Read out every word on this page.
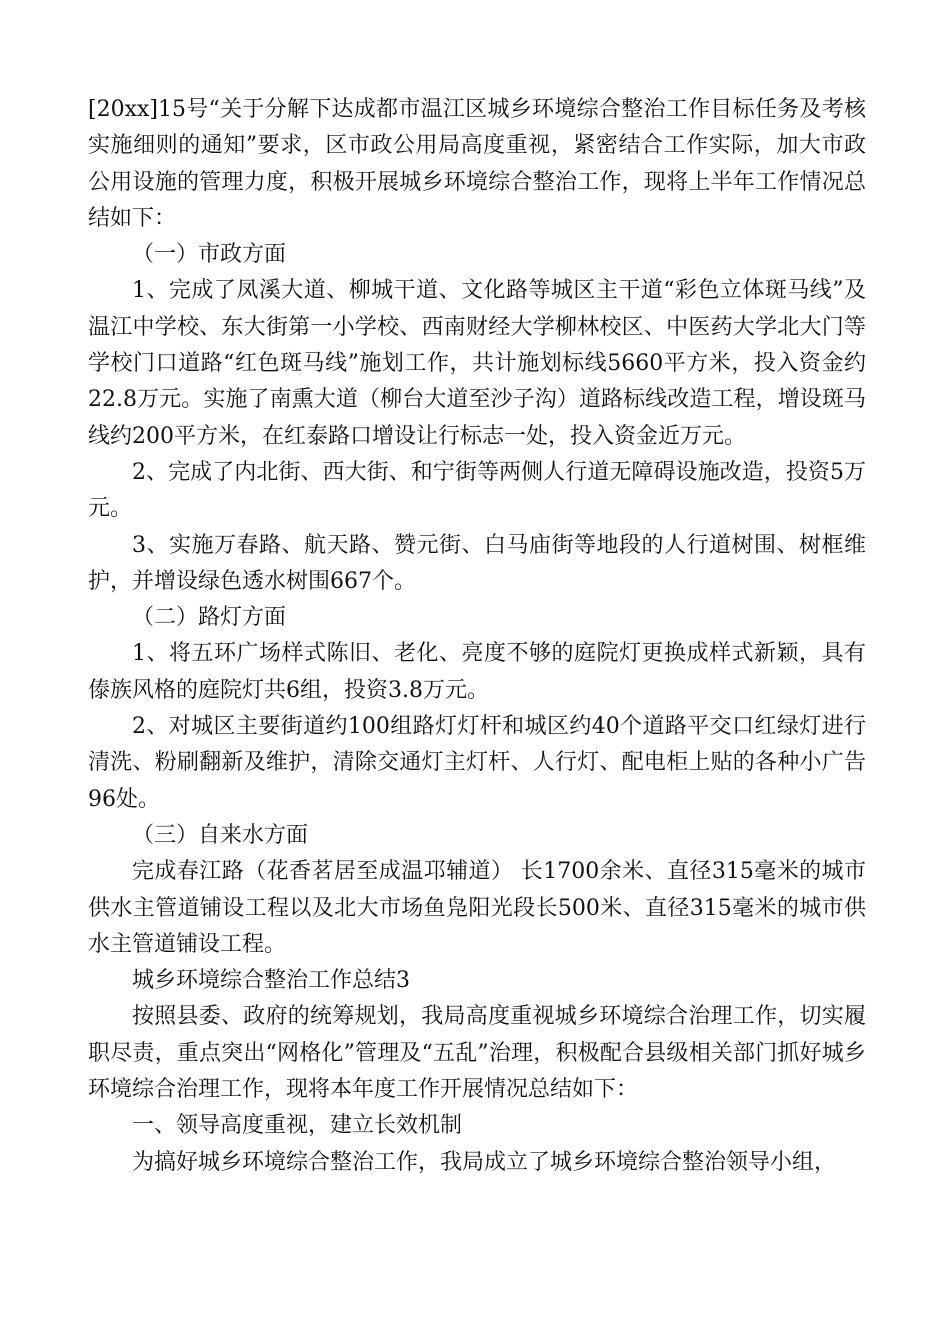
[20xx]15号“关于分解下达成都市温江区城乡环境综合整治工作目标任务及考核实施细则的通知”要求，区市政公用局高度重视，紧密结合工作实际，加大市政公用设施的管理力度，积极开展城乡环境综合整治工作，现将上半年工作情况总结如下：

（一）市政方面

1、完成了凤溪大道、柳城干道、文化路等城区主干道“彩色立体斑马线”及温江中学校、东大街第一小学校、西南财经大学柳林校区、中医药大学北大门等学校门口道路“红色斑马线”施划工作，共计施划标线5660平方米，投入资金约22.8万元。实施了南熏大道（柳台大道至沙子沟）道路标线改造工程，增设斑马线约200平方米，在红泰路口增设让行标志一处，投入资金近万元。

2、完成了内北街、西大街、和宁街等两侧人行道无障碍设施改造，投资5万元。

3、实施万春路、航天路、赞元街、白马庙街等地段的人行道树围、树框维护，并增设绿色透水树围667个。

（二）路灯方面

1、将五环广场样式陈旧、老化、亮度不够的庭院灯更换成样式新颖，具有傣族风格的庭院灯共6组，投资3.8万元。

2、对城区主要街道约100组路灯灯杆和城区约40个道路平交口红绿灯进行清洗、粉刷翻新及维护，清除交通灯主灯杆、人行灯、配电柜上贴的各种小广告96处。

（三）自来水方面

完成春江路（花香茗居至成温邛辅道） 长1700余米、直径315毫米的城市供水主管道铺设工程以及北大市场鱼凫阳光段长500米、直径315毫米的城市供水主管道铺设工程。

城乡环境综合整治工作总结3

按照县委、政府的统筹规划，我局高度重视城乡环境综合治理工作，切实履职尽责，重点突出“网格化”管理及“五乱”治理，积极配合县级相关部门抓好城乡环境综合治理工作，现将本年度工作开展情况总结如下：

一、领导高度重视，建立长效机制

为搞好城乡环境综合整治工作，我局成立了城乡环境综合整治领导小组，
